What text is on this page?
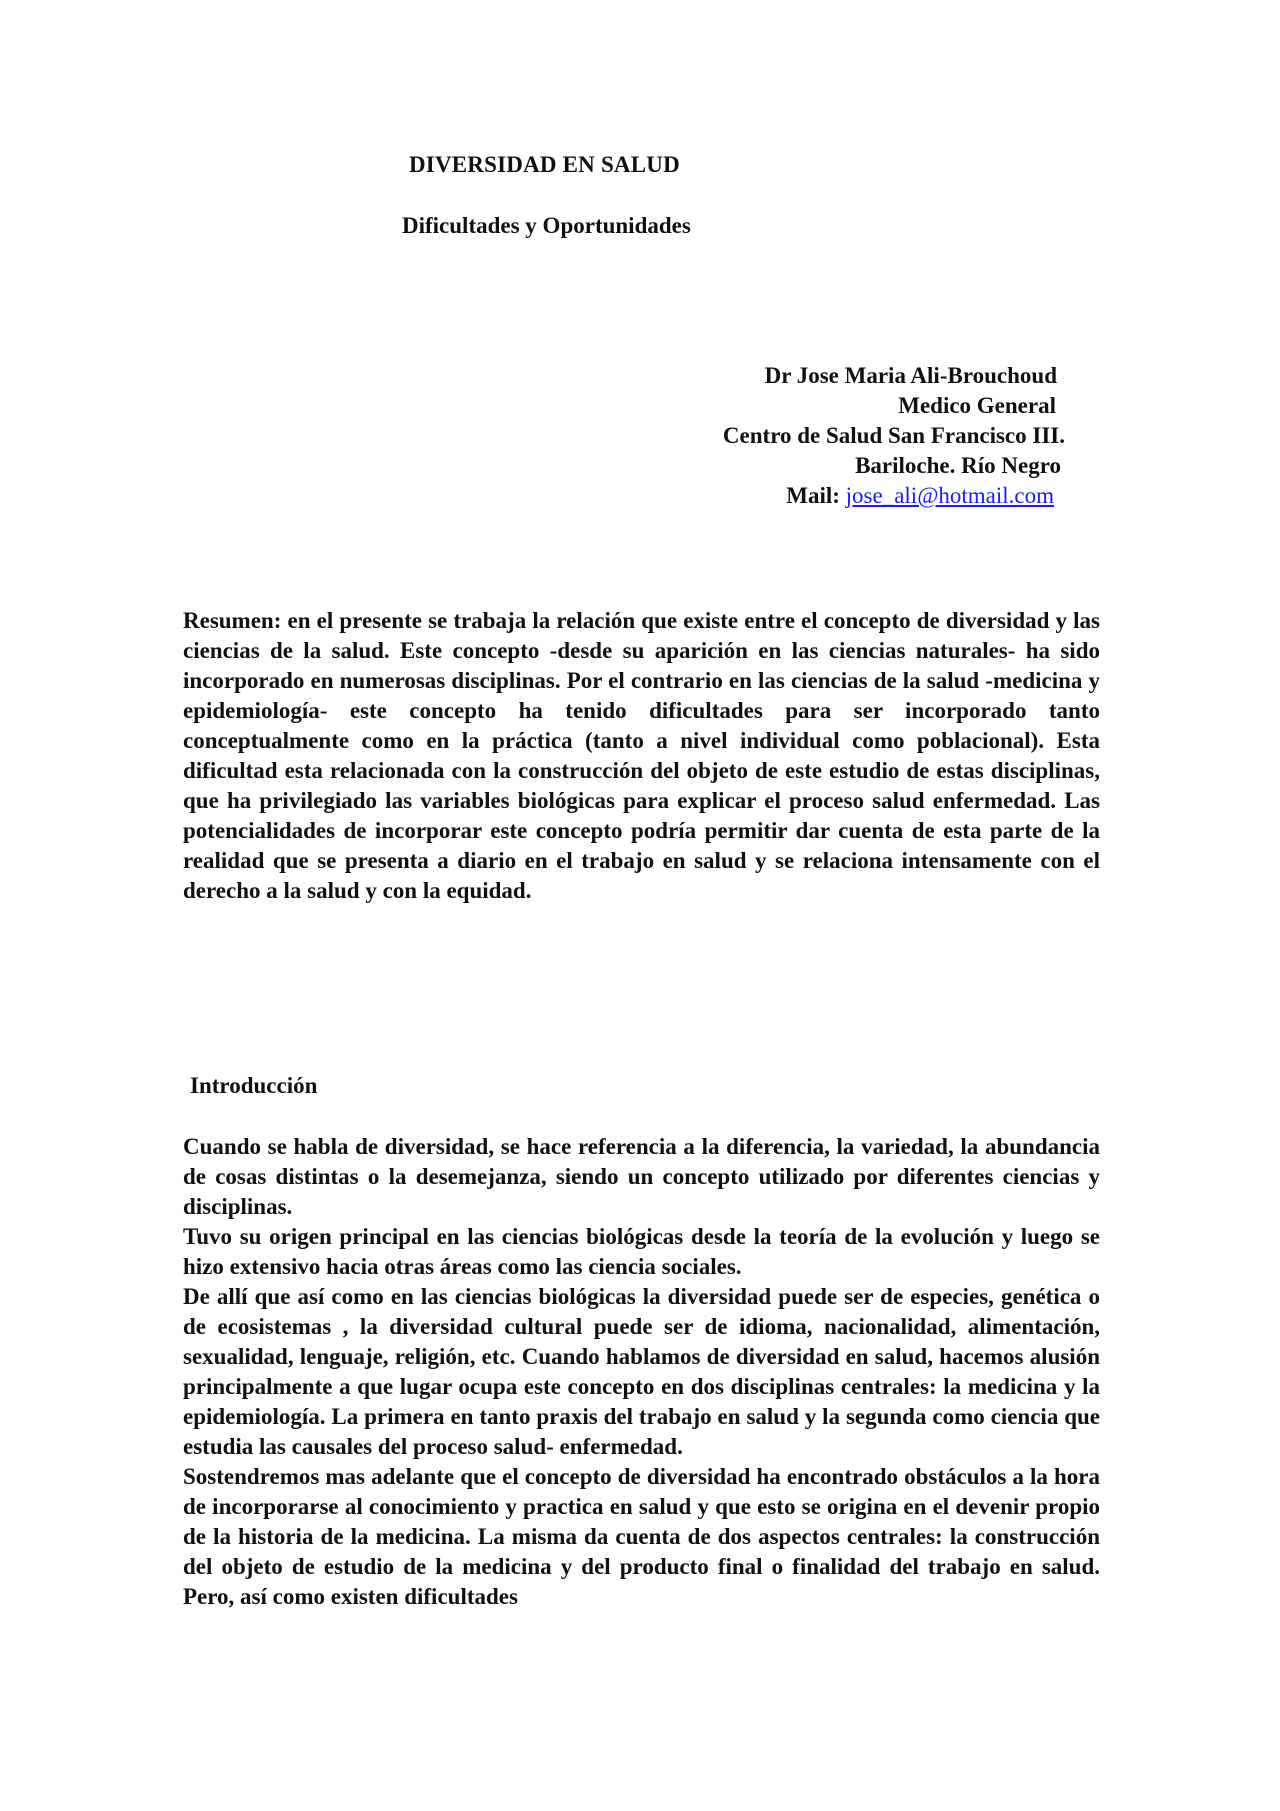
DIVERSIDAD EN SALUD
Dificultades y Oportunidades
Dr Jose Maria Ali-Brouchoud
Medico General
Centro de Salud San Francisco III.
Bariloche. Río Negro
Mail: jose_ali@hotmail.com
Resumen: en el presente se trabaja la relación que existe entre el concepto de diversidad y las ciencias de la salud. Este concepto -desde su aparición en las ciencias naturales- ha sido incorporado en numerosas disciplinas. Por el contrario en las ciencias de la salud -medicina y epidemiología- este concepto ha tenido dificultades para ser incorporado tanto conceptualmente como en la práctica (tanto a nivel individual como poblacional). Esta dificultad esta relacionada con la construcción del objeto de este estudio de estas disciplinas, que ha privilegiado las variables biológicas para explicar el proceso salud enfermedad. Las potencialidades de incorporar este concepto podría permitir dar cuenta de esta parte de la realidad que se presenta a diario en el trabajo en salud y se relaciona intensamente con el derecho a la salud y con la equidad.
Introducción

Cuando se habla de diversidad, se hace referencia a la diferencia, la variedad, la abundancia de cosas distintas o la desemejanza, siendo un concepto utilizado por diferentes ciencias y disciplinas.

Tuvo su origen principal en las ciencias biológicas desde la teoría de la evolución y luego se hizo extensivo hacia otras áreas como las ciencia sociales.

De allí que así como en las ciencias biológicas la diversidad puede ser de especies, genética o de ecosistemas , la diversidad cultural puede ser de idioma, nacionalidad, alimentación, sexualidad, lenguaje, religión, etc. Cuando hablamos de diversidad en salud, hacemos alusión principalmente a que lugar ocupa este concepto en dos disciplinas centrales: la medicina y la epidemiología. La primera en tanto praxis del trabajo en salud y la segunda como ciencia que estudia las causales del proceso salud- enfermedad.

Sostendremos mas adelante que el concepto de diversidad ha encontrado obstáculos a la hora de incorporarse al conocimiento y practica en salud y que esto se origina en el devenir propio de la historia de la medicina. La misma da cuenta de dos aspectos centrales: la construcción del objeto de estudio de la medicina y del producto final o finalidad del trabajo en salud. Pero, así como existen dificultades
